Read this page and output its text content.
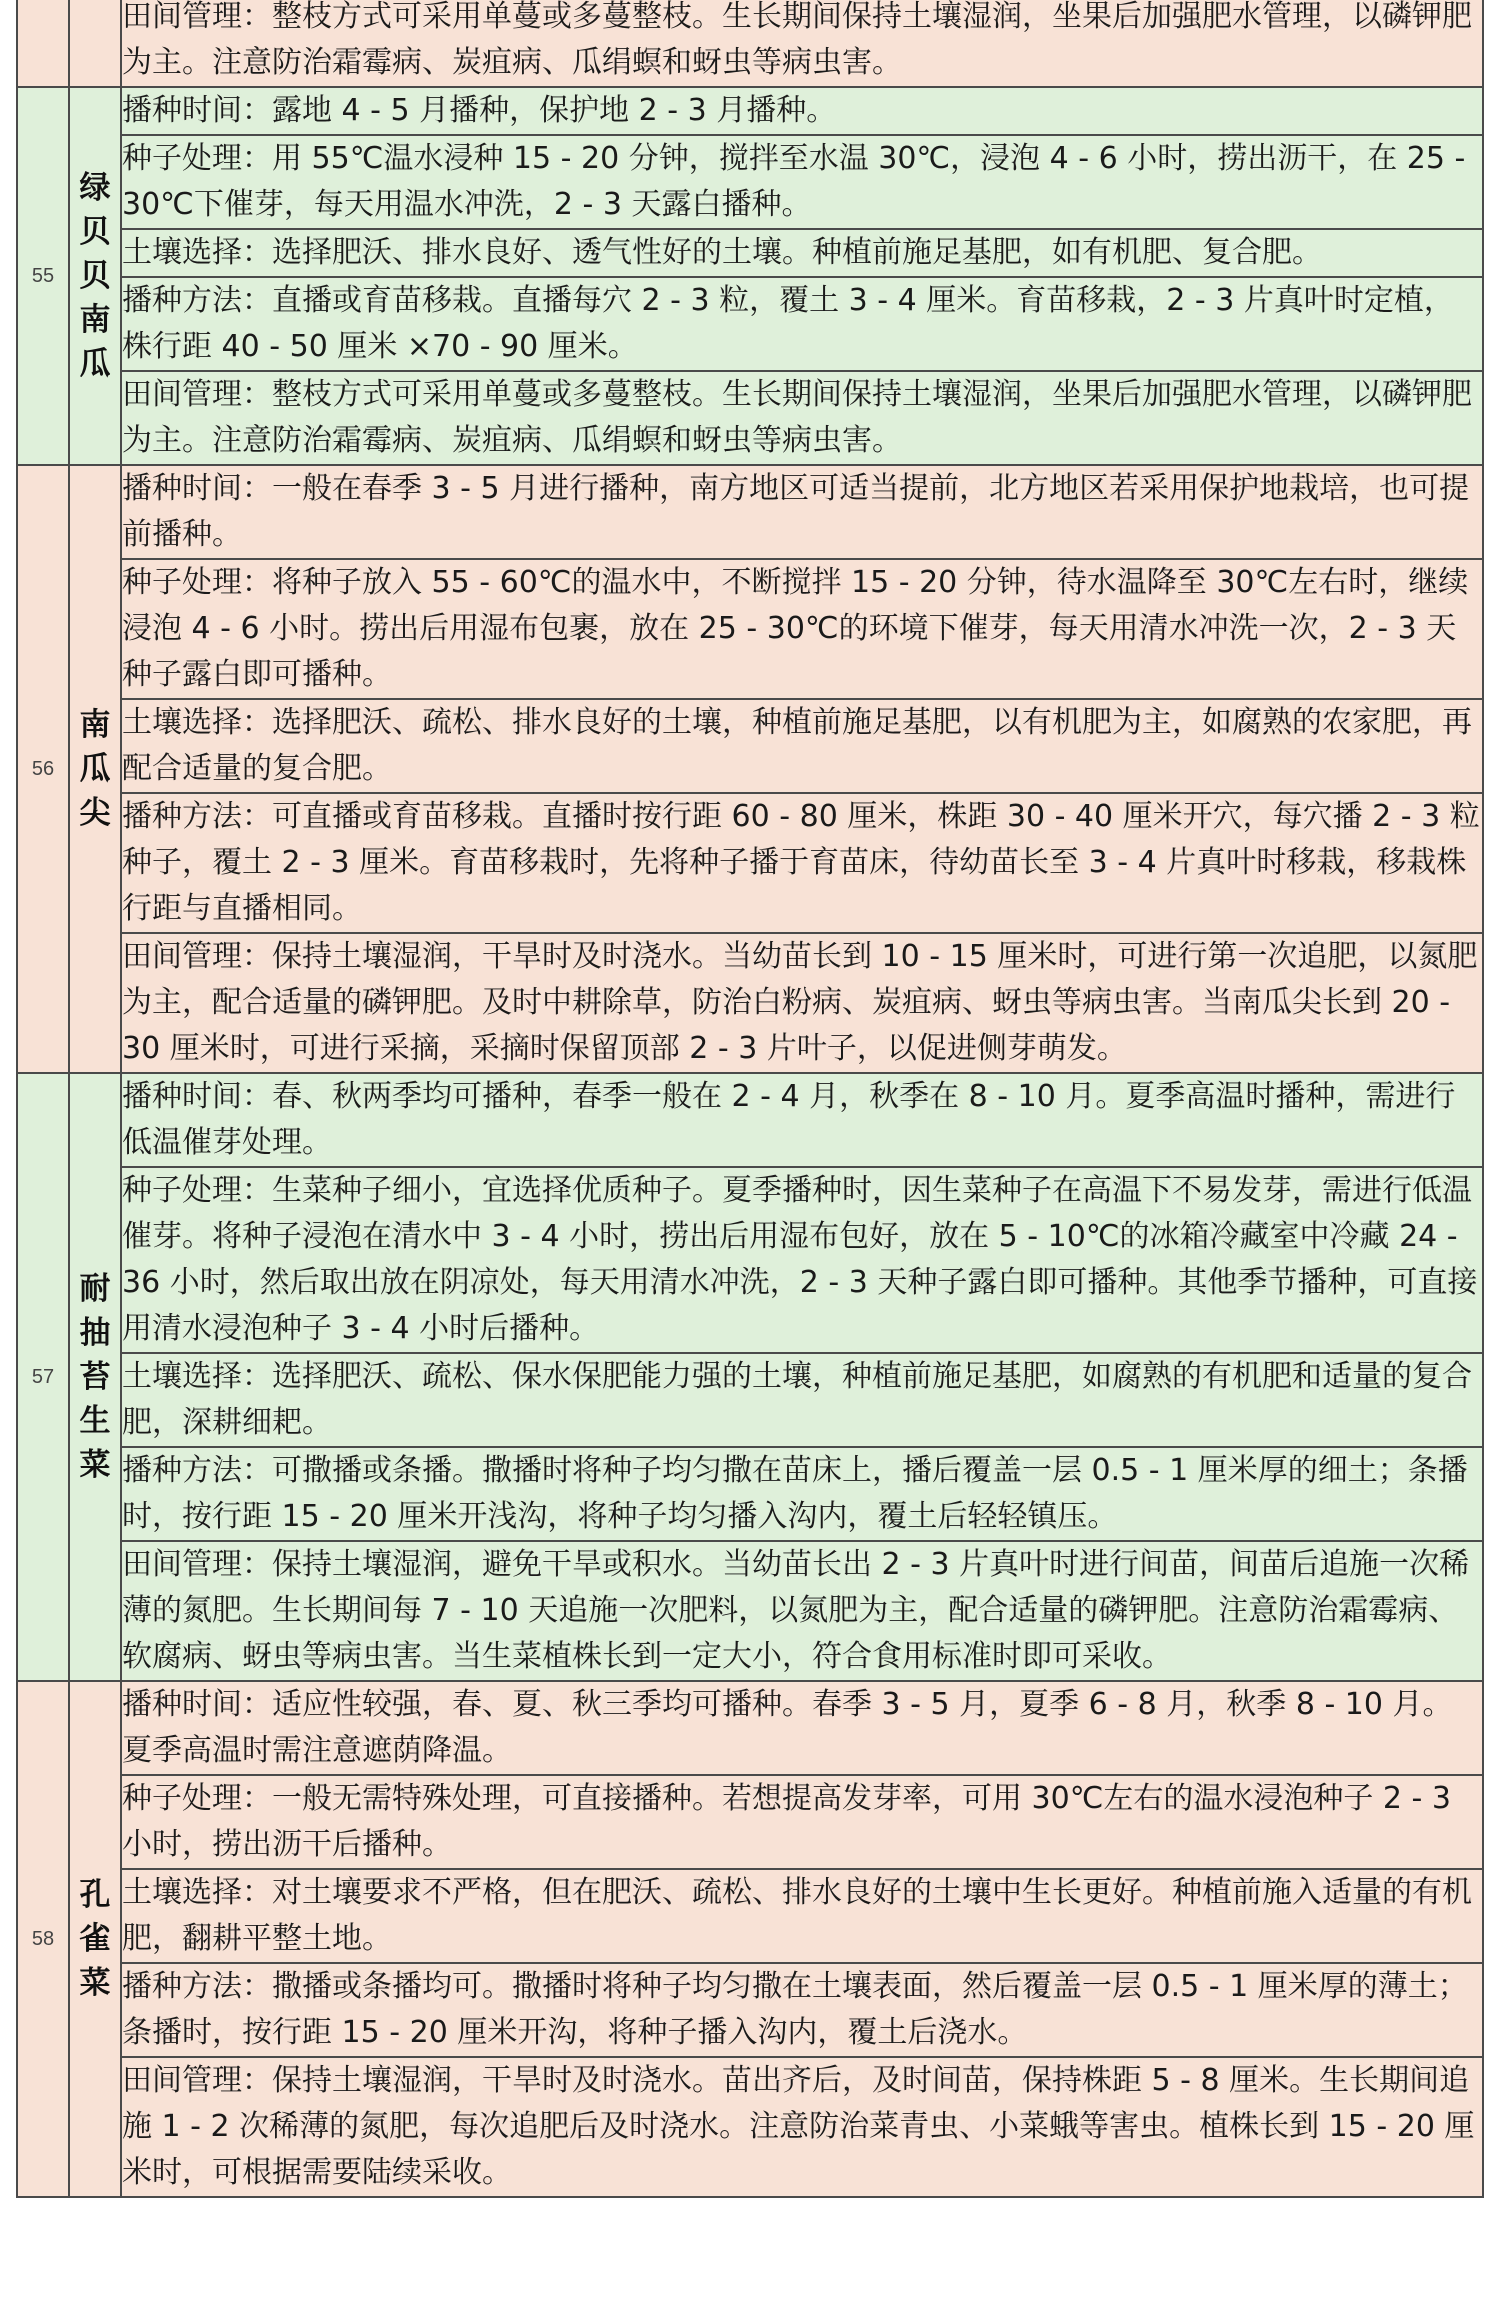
		田间管理：整枝方式可采用单蔓或多蔓整枝。生长期间保持土壤湿润，坐果后加强肥水管理，以磷钾肥为主。注意防治霜霉病、炭疽病、瓜绢螟和蚜虫等病虫害。
55	绿
贝
贝
南
瓜	播种时间：露地 4 - 5 月播种，保护地 2 - 3 月播种。
		种子处理：用 55℃温水浸种 15 - 20 分钟，搅拌至水温 30℃，浸泡 4 - 6 小时，捞出沥干，在 25 - 30℃下催芽，每天用温水冲洗，2 - 3 天露白播种。
		土壤选择：选择肥沃、排水良好、透气性好的土壤。种植前施足基肥，如有机肥、复合肥。
		播种方法：直播或育苗移栽。直播每穴 2 - 3 粒，覆土 3 - 4 厘米。育苗移栽，2 - 3 片真叶时定植，株行距 40 - 50 厘米 ×70 - 90 厘米。
		田间管理：整枝方式可采用单蔓或多蔓整枝。生长期间保持土壤湿润，坐果后加强肥水管理，以磷钾肥为主。注意防治霜霉病、炭疽病、瓜绢螟和蚜虫等病虫害。
56	南
瓜
尖	播种时间：一般在春季 3 - 5 月进行播种，南方地区可适当提前，北方地区若采用保护地栽培，也可提前播种。
		种子处理：将种子放入 55 - 60℃的温水中，不断搅拌 15 - 20 分钟，待水温降至 30℃左右时，继续浸泡 4 - 6 小时。捞出后用湿布包裹，放在 25 - 30℃的环境下催芽，每天用清水冲洗一次，2 - 3 天种子露白即可播种。
		土壤选择：选择肥沃、疏松、排水良好的土壤，种植前施足基肥，以有机肥为主，如腐熟的农家肥，再配合适量的复合肥。
		播种方法：可直播或育苗移栽。直播时按行距 60 - 80 厘米，株距 30 - 40 厘米开穴，每穴播 2 - 3 粒种子，覆土 2 - 3 厘米。育苗移栽时，先将种子播于育苗床，待幼苗长至 3 - 4 片真叶时移栽，移栽株行距与直播相同。
		田间管理：保持土壤湿润，干旱时及时浇水。当幼苗长到 10 - 15 厘米时，可进行第一次追肥，以氮肥为主，配合适量的磷钾肥。及时中耕除草，防治白粉病、炭疽病、蚜虫等病虫害。当南瓜尖长到 20 - 30 厘米时，可进行采摘，采摘时保留顶部 2 - 3 片叶子，以促进侧芽萌发。
57	耐
抽
苔
生
菜	播种时间：春、秋两季均可播种，春季一般在 2 - 4 月，秋季在 8 - 10 月。夏季高温时播种，需进行低温催芽处理。
		种子处理：生菜种子细小，宜选择优质种子。夏季播种时，因生菜种子在高温下不易发芽，需进行低温催芽。将种子浸泡在清水中 3 - 4 小时，捞出后用湿布包好，放在 5 - 10℃的冰箱冷藏室中冷藏 24 - 36 小时，然后取出放在阴凉处，每天用清水冲洗，2 - 3 天种子露白即可播种。其他季节播种，可直接用清水浸泡种子 3 - 4 小时后播种。
		土壤选择：选择肥沃、疏松、保水保肥能力强的土壤，种植前施足基肥，如腐熟的有机肥和适量的复合肥，深耕细耙。
		播种方法：可撒播或条播。撒播时将种子均匀撒在苗床上，播后覆盖一层 0.5 - 1 厘米厚的细土；条播时，按行距 15 - 20 厘米开浅沟，将种子均匀播入沟内，覆土后轻轻镇压。
		田间管理：保持土壤湿润，避免干旱或积水。当幼苗长出 2 - 3 片真叶时进行间苗，间苗后追施一次稀薄的氮肥。生长期间每 7 - 10 天追施一次肥料，以氮肥为主，配合适量的磷钾肥。注意防治霜霉病、软腐病、蚜虫等病虫害。当生菜植株长到一定大小，符合食用标准时即可采收。
58	孔
雀
菜	播种时间：适应性较强，春、夏、秋三季均可播种。春季 3 - 5 月，夏季 6 - 8 月，秋季 8 - 10 月。夏季高温时需注意遮荫降温。
		种子处理：一般无需特殊处理，可直接播种。若想提高发芽率，可用 30℃左右的温水浸泡种子 2 - 3 小时，捞出沥干后播种。
		土壤选择：对土壤要求不严格，但在肥沃、疏松、排水良好的土壤中生长更好。种植前施入适量的有机肥，翻耕平整土地。
		播种方法：撒播或条播均可。撒播时将种子均匀撒在土壤表面，然后覆盖一层 0.5 - 1 厘米厚的薄土；条播时，按行距 15 - 20 厘米开沟，将种子播入沟内，覆土后浇水。
		田间管理：保持土壤湿润，干旱时及时浇水。苗出齐后，及时间苗，保持株距 5 - 8 厘米。生长期间追施 1 - 2 次稀薄的氮肥，每次追肥后及时浇水。注意防治菜青虫、小菜蛾等害虫。植株长到 15 - 20 厘米时，可根据需要陆续采收。
